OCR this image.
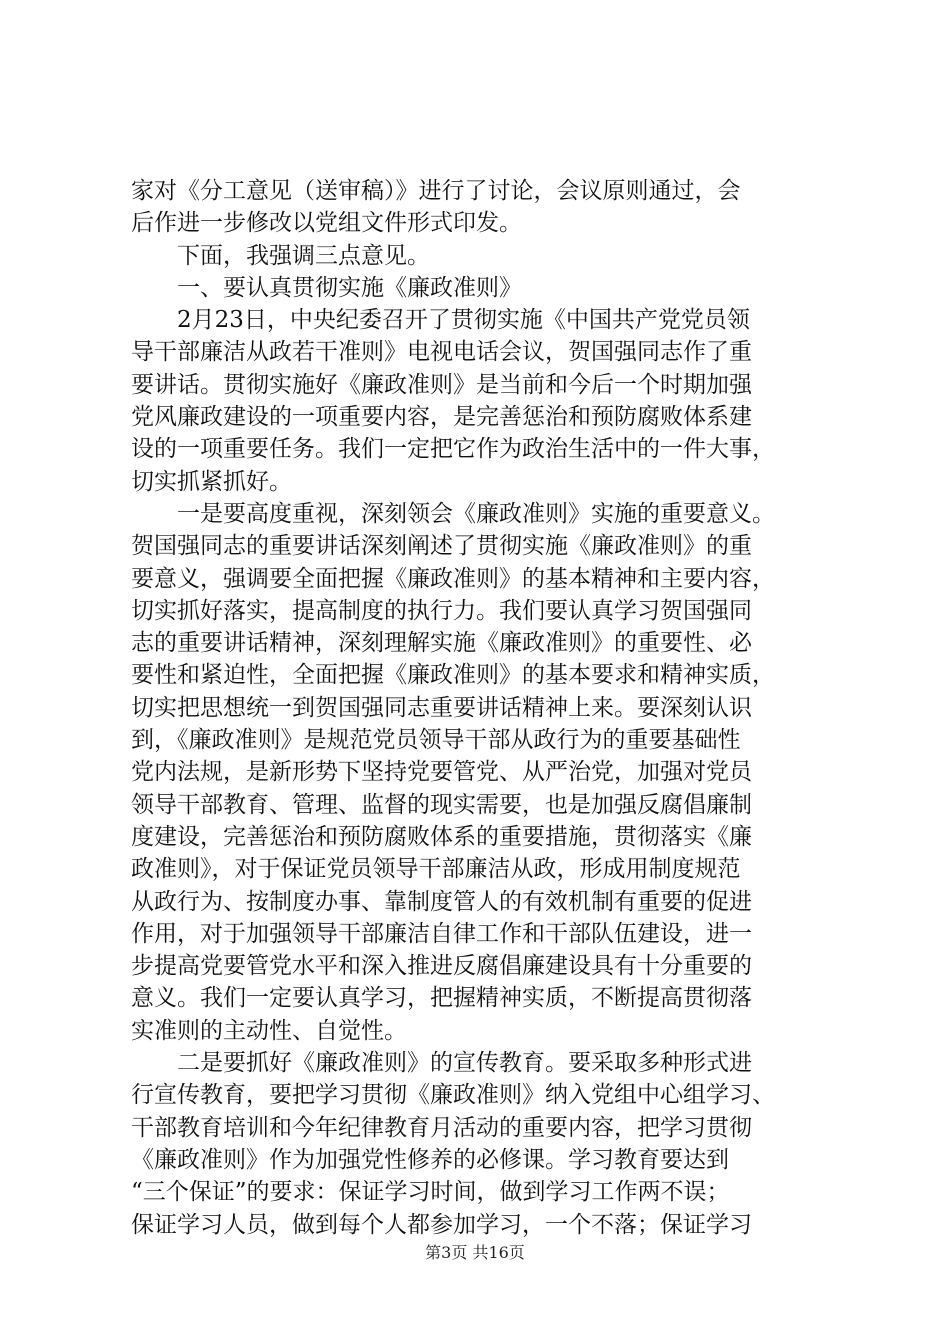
家对《分工意见（送审稿）》进行了讨论，会议原则通过，会
后作进一步修改以党组文件形式印发。
　　下面，我强调三点意见。
　　一、要认真贯彻实施《廉政准则》
　　2月23日，中央纪委召开了贯彻实施《中国共产党党员领
导干部廉洁从政若干准则》电视电话会议，贺国强同志作了重
要讲话。贯彻实施好《廉政准则》是当前和今后一个时期加强
党风廉政建设的一项重要内容，是完善惩治和预防腐败体系建
设的一项重要任务。我们一定把它作为政治生活中的一件大事，
切实抓紧抓好。
　　一是要高度重视，深刻领会《廉政准则》实施的重要意义。
贺国强同志的重要讲话深刻阐述了贯彻实施《廉政准则》的重
要意义，强调要全面把握《廉政准则》的基本精神和主要内容，
切实抓好落实，提高制度的执行力。我们要认真学习贺国强同
志的重要讲话精神，深刻理解实施《廉政准则》的重要性、必
要性和紧迫性，全面把握《廉政准则》的基本要求和精神实质，
切实把思想统一到贺国强同志重要讲话精神上来。要深刻认识
到，《廉政准则》是规范党员领导干部从政行为的重要基础性
党内法规，是新形势下坚持党要管党、从严治党，加强对党员
领导干部教育、管理、监督的现实需要，也是加强反腐倡廉制
度建设，完善惩治和预防腐败体系的重要措施，贯彻落实《廉
政准则》，对于保证党员领导干部廉洁从政，形成用制度规范
从政行为、按制度办事、靠制度管人的有效机制有重要的促进
作用，对于加强领导干部廉洁自律工作和干部队伍建设，进一
步提高党要管党水平和深入推进反腐倡廉建设具有十分重要的
意义。我们一定要认真学习，把握精神实质，不断提高贯彻落
实准则的主动性、自觉性。
　　二是要抓好《廉政准则》的宣传教育。要采取多种形式进
行宣传教育，要把学习贯彻《廉政准则》纳入党组中心组学习、
干部教育培训和今年纪律教育月活动的重要内容，把学习贯彻
《廉政准则》作为加强党性修养的必修课。学习教育要达到
“三个保证”的要求：保证学习时间，做到学习工作两不误；
保证学习人员，做到每个人都参加学习，一个不落；保证学习
第3页 共16页
